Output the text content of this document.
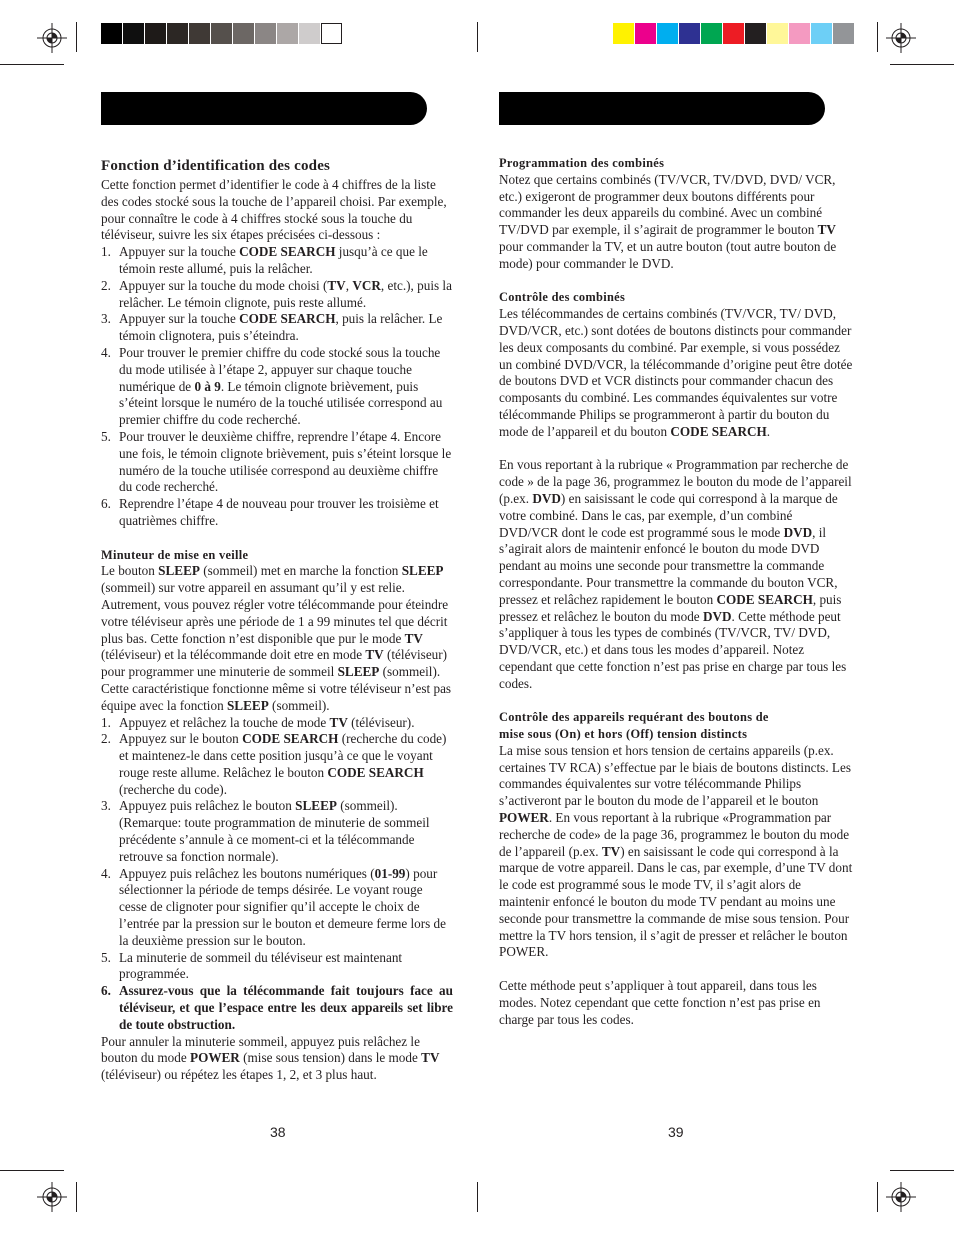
Fonction d’identification des codes

Cette fonction permet d’identifier le code à 4 chiffres de la liste des codes stocké sous la touche de l’appareil choisi. Par exemple, pour connaître le code à 4 chiffres stocké sous la touche du téléviseur, suivre les six étapes précisées ci-dessous :

1. Appuyer sur la touche CODE SEARCH jusqu’à ce que le témoin reste allumé, puis la relâcher.
2. Appuyer sur la touche du mode choisi (TV, VCR, etc.), puis la relâcher. Le témoin clignote, puis reste allumé.
3. Appuyer sur la touche CODE SEARCH, puis la relâcher. Le témoin clignotera, puis s’éteindra.
4. Pour trouver le premier chiffre du code stocké sous la touche du mode utilisée à l’étape 2, appuyer sur chaque touche numérique de 0 à 9. Le témoin clignote brièvement, puis s’éteint lorsque le numéro de la touché utilisée correspond au premier chiffre du code recherché.
5. Pour trouver le deuxième chiffre, reprendre l’étape 4. Encore une fois, le témoin clignote brièvement, puis s’éteint lorsque le numéro de la touche utilisée correspond au deuxième chiffre du code recherché.
6. Reprendre l’étape 4 de nouveau pour trouver les troisième et quatrièmes chiffre.

Minuteur de mise en veille

Le bouton SLEEP (sommeil) met en marche la fonction SLEEP (sommeil) sur votre appareil en assumant qu’il y est relie. Autrement, vous pouvez régler votre télécommande pour éteindre votre téléviseur après une période de 1 a 99 minutes tel que décrit plus bas. Cette fonction n’est disponible que pur le mode TV (téléviseur) et la télécommande doit etre en mode TV (téléviseur) pour programmer une minuterie de sommeil SLEEP (sommeil). Cette caractéristique fonctionne même si votre téléviseur n’est pas équipe avec la fonction SLEEP (sommeil).

1. Appuyez et relâchez la touche de mode TV (téléviseur).
2. Appuyez sur le bouton CODE SEARCH (recherche du code) et maintenez-le dans cette position jusqu’à ce que le voyant rouge reste allume. Relâchez le bouton CODE SEARCH (recherche du code).
3. Appuyez puis relâchez le bouton SLEEP (sommeil). (Remarque: toute programmation de minuterie de sommeil précédente s’annule à ce moment-ci et la télécommande retrouve sa fonction normale).
4. Appuyez puis relâchez les boutons numériques (01-99) pour sélectionner la période de temps désirée. Le voyant rouge cesse de clignoter pour signifier qu’il accepte le choix de l’entrée par la pression sur le bouton et demeure ferme lors de la deuxième pression sur le bouton.
5. La minuterie de sommeil du téléviseur est maintenant programmée.
6. Assurez-vous que la télécommande fait toujours face au téléviseur, et que l’espace entre les deux appareils set libre de toute obstruction.

Pour annuler la minuterie sommeil, appuyez puis relâchez le bouton du mode POWER (mise sous tension) dans le mode TV (téléviseur) ou répétez les étapes 1, 2, et 3 plus haut.

Programmation des combinés

Notez que certains combinés (TV/VCR, TV/DVD, DVD/ VCR, etc.) exigeront de programmer deux boutons différents pour commander les deux appareils du combiné. Avec un combiné TV/DVD par exemple, il s’agirait de programmer le bouton TV pour commander la TV, et un autre bouton (tout autre bouton de mode) pour commander le DVD.

Contrôle des combinés

Les télécommandes de certains combinés (TV/VCR, TV/ DVD, DVD/VCR, etc.) sont dotées de boutons distincts pour commander les deux composants du combiné. Par exemple, si vous possédez un combiné DVD/VCR, la télécommande d’origine peut être dotée de boutons DVD et VCR distincts pour commander chacun des composants du combiné. Les commandes équivalentes sur votre télécommande Philips se programmeront à partir du bouton du mode de l’appareil et du bouton CODE SEARCH.

En vous reportant à la rubrique « Programmation par recherche de code » de la page 36, programmez le bouton du mode de l’appareil (p.ex. DVD) en saisissant le code qui correspond à la marque de votre combiné. Dans le cas, par exemple, d’un combiné DVD/VCR dont le code est programmé sous le mode DVD, il s’agirait alors de maintenir enfoncé le bouton du mode DVD pendant au moins une seconde pour transmettre la commande correspondante. Pour transmettre la commande du bouton VCR, pressez et relâchez rapidement le bouton CODE SEARCH, puis pressez et relâchez le bouton du mode DVD. Cette méthode peut s’appliquer à tous les types de combinés (TV/VCR, TV/ DVD, DVD/VCR, etc.) et dans tous les modes d’appareil. Notez cependant que cette fonction n’est pas prise en charge par tous les codes.

Contrôle des appareils requérant des boutons de
mise sous (On) et hors (Off) tension distincts

La mise sous tension et hors tension de certains appareils (p.ex. certaines TV RCA) s’effectue par le biais de boutons distincts. Les commandes équivalentes sur votre télécommande Philips s’activeront par le bouton du mode de l’appareil et le bouton POWER. En vous reportant à la rubrique «Programmation par recherche de code» de la page 36, programmez le bouton du mode de l’appareil (p.ex. TV) en saisissant le code qui correspond à la marque de votre appareil. Dans le cas, par exemple, d’une TV dont le code est programmé sous le mode TV, il s’agit alors de maintenir enfoncé le bouton du mode TV pendant au moins une seconde pour transmettre la commande de mise sous tension. Pour mettre la TV hors tension, il s’agit de presser et relâcher le bouton POWER.

Cette méthode peut s’appliquer à tout appareil, dans tous les modes. Notez cependant que cette fonction n’est pas prise en charge par tous les codes.

38	39
